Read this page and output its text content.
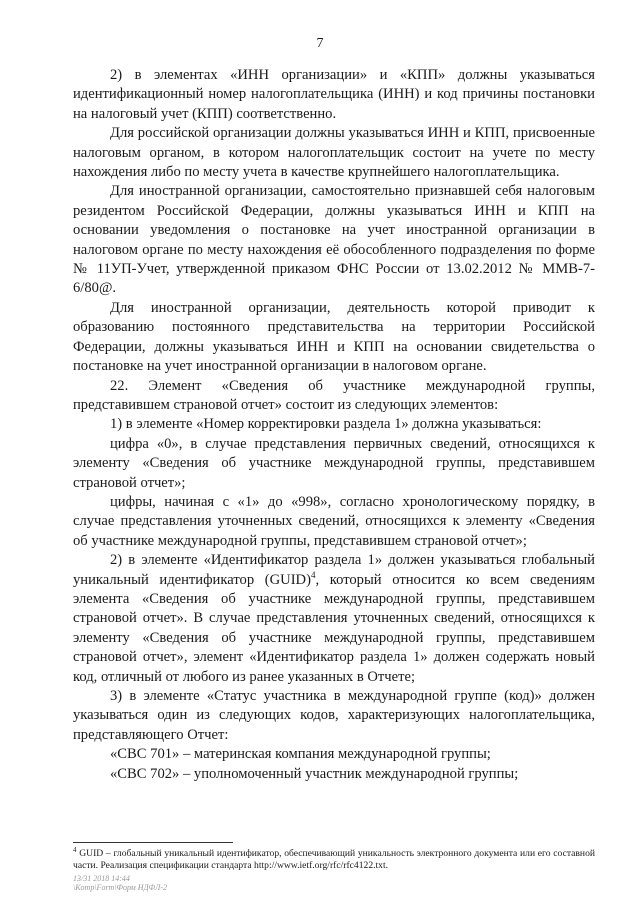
7

2) в элементах «ИНН организации» и «КПП» должны указываться идентификационный номер налогоплательщика (ИНН) и код причины постановки на налоговый учет (КПП) соответственно.

Для российской организации должны указываться ИНН и КПП, присвоенные налоговым органом, в котором налогоплательщик состоит на учете по месту нахождения либо по месту учета в качестве крупнейшего налогоплательщика.

Для иностранной организации, самостоятельно признавшей себя налоговым резидентом Российской Федерации, должны указываться ИНН и КПП на основании уведомления о постановке на учет иностранной организации в налоговом органе по месту нахождения её обособленного подразделения по форме № 11УП-Учет, утвержденной приказом ФНС России от 13.02.2012 № ММВ-7-6/80@.

Для иностранной организации, деятельность которой приводит к образованию постоянного представительства на территории Российской Федерации, должны указываться ИНН и КПП на основании свидетельства о постановке на учет иностранной организации в налоговом органе.

22. Элемент «Сведения об участнике международной группы, представившем страновой отчет» состоит из следующих элементов:

1) в элементе «Номер корректировки раздела 1» должна указываться:

цифра «0», в случае представления первичных сведений, относящихся к элементу «Сведения об участнике международной группы, представившем страновой отчет»;

цифры, начиная с «1» до «998», согласно хронологическому порядку, в случае представления уточненных сведений, относящихся к элементу «Сведения об участнике международной группы, представившем страновой отчет»;

2) в элементе «Идентификатор раздела 1» должен указываться глобальный уникальный идентификатор (GUID)$^4$, который относится ко всем сведениям элемента «Сведения об участнике международной группы, представившем страновой отчет». В случае представления уточненных сведений, относящихся к элементу «Сведения об участнике международной группы, представившем страновой отчет», элемент «Идентификатор раздела 1» должен содержать новый код, отличный от любого из ранее указанных в Отчете;

3) в элементе «Статус участника в международной группе (код)» должен указываться один из следующих кодов, характеризующих налогоплательщика, представляющего Отчет:

«СВС 701» – материнская компания международной группы;

«СВС 702» – уполномоченный участник международной группы;

$^4$ GUID – глобальный уникальный идентификатор, обеспечивающий уникальность электронного документа или его составной части. Реализация спецификации стандарта http://www.ietf.org/rfc/rfc4122.txt.
13/31 2018 14:44
\Komp\Form\Форм НДФЛ-2
